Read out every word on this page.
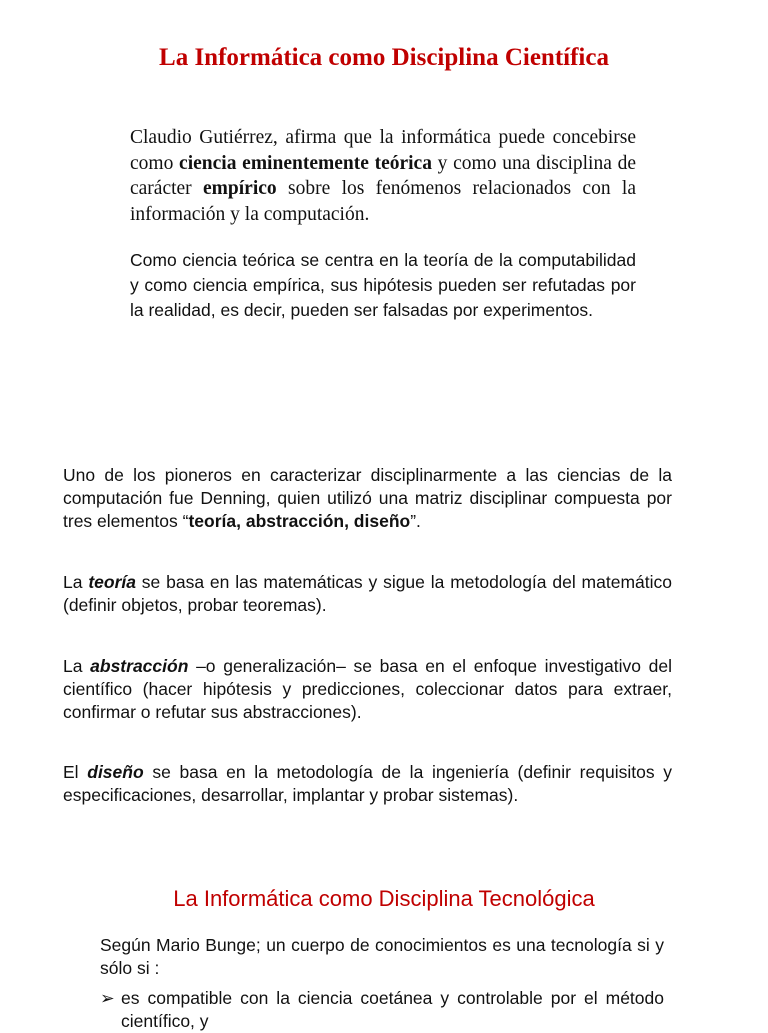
La Informática como Disciplina Científica

Claudio Gutiérrez, afirma que la informática puede concebirse como ciencia eminentemente teórica y como una disciplina de carácter empírico sobre los fenómenos relacionados con la información y la computación.

Como ciencia teórica se centra en la teoría de la computabilidad y como ciencia empírica, sus hipótesis pueden ser refutadas por la realidad, es decir, pueden ser falsadas por experimentos.

Uno de los pioneros en caracterizar disciplinarmente a las ciencias de la computación fue Denning, quien utilizó una matriz disciplinar compuesta por tres elementos “teoría, abstracción, diseño”.

La teoría se basa en las matemáticas y sigue la metodología del matemático (definir objetos, probar teoremas).

La abstracción –o generalización– se basa en el enfoque investigativo del científico (hacer hipótesis y predicciones, coleccionar datos para extraer, confirmar o refutar sus abstracciones).

El diseño se basa en la metodología de la ingeniería (definir requisitos y especificaciones, desarrollar, implantar y probar sistemas).

La Informática como Disciplina Tecnológica

Según Mario Bunge; un cuerpo de conocimientos es una tecnología si y sólo si :

➢ es compatible con la ciencia coetánea y controlable por el método científico, y
